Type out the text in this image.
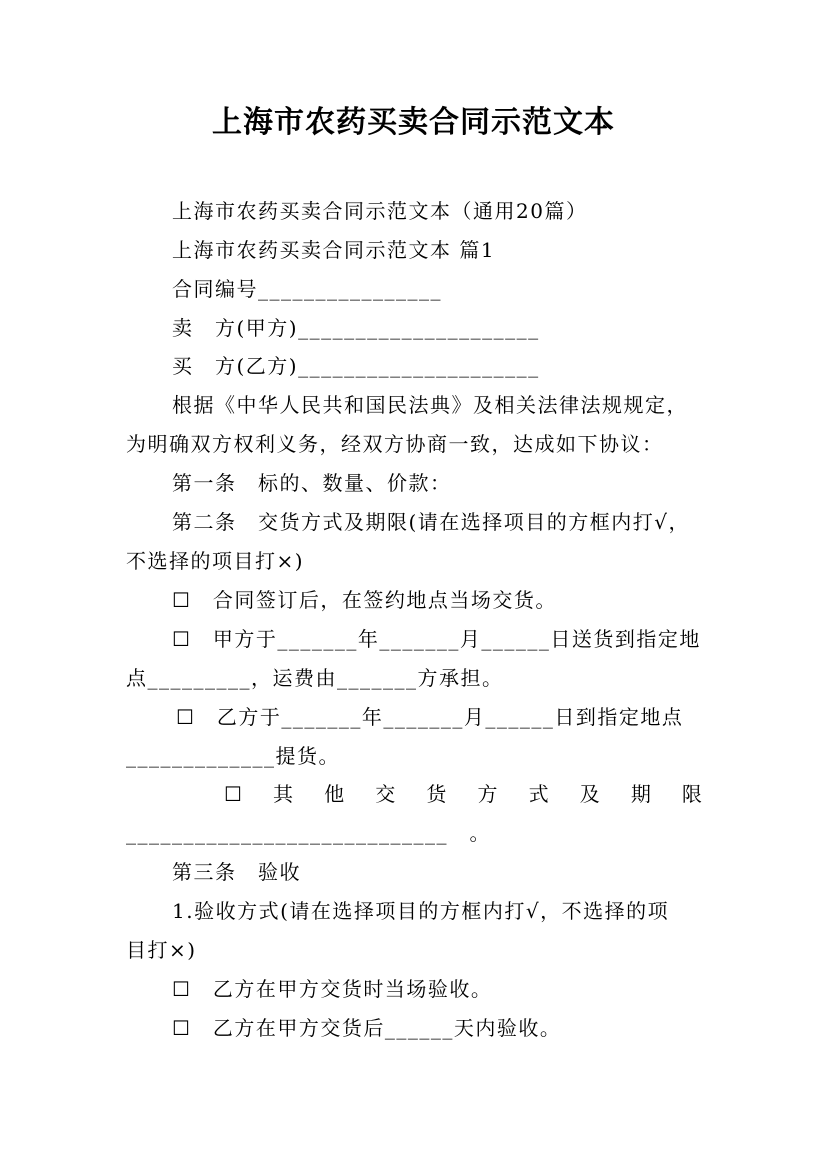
上海市农药买卖合同示范文本
上海市农药买卖合同示范文本（通用20篇）
上海市农药买卖合同示范文本 篇1
合同编号________________
卖　方(甲方)_____________________
买　方(乙方)_____________________
根据《中华人民共和国民法典》及相关法律法规规定，
为明确双方权利义务，经双方协商一致，达成如下协议：
第一条　标的、数量、价款：
第二条　交货方式及期限(请在选择项目的方框内打√，
不选择的项目打×)
☐　合同签订后，在签约地点当场交货。
☐　甲方于_______年_______月______日送货到指定地
点_________，运费由_______方承担。
☐　乙方于_______年_______月______日到指定地点
_____________提货。
☐ 其 他 交 货 方 式 及 期 限
____________________________　。
第三条　验收
1.验收方式(请在选择项目的方框内打√，不选择的项
目打×)
☐　乙方在甲方交货时当场验收。
☐　乙方在甲方交货后______天内验收。
